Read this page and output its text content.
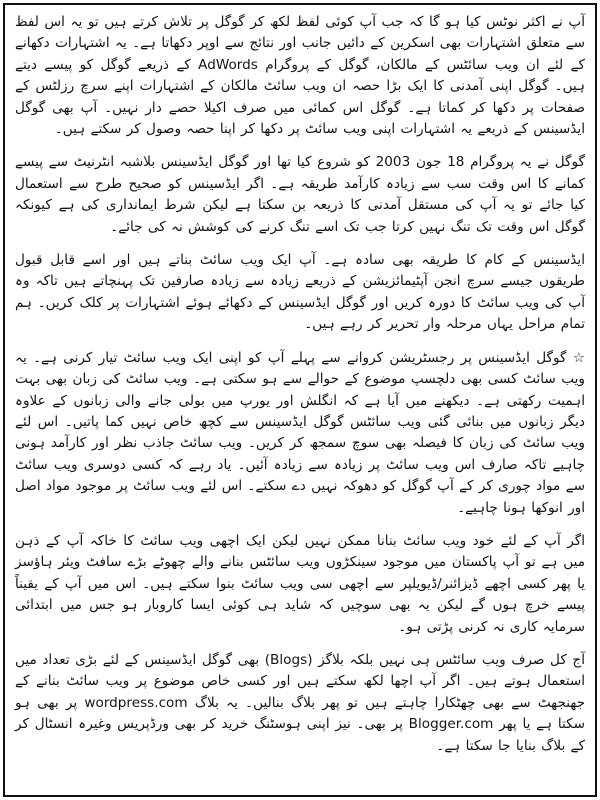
آپ نے اکثر نوٹس کیا ہو گا کہ جب آپ کوئی لفظ لکھ کر گوگل پر تلاش کرتے ہیں تو یہ اس لفظ سے متعلق اشتہارات بھی اسکرین کے دائیں جانب اور نتائج سے اوپر دکھاتا ہے۔ یہ اشتہارات دکھانے کے لئے ان ویب سائٹس کے مالکان، گوگل کے پروگرام AdWords کے ذریعے گوگل کو پیسے دیتے ہیں۔ گوگل اپنی آمدنی کا ایک بڑا حصہ ان ویب سائٹ مالکان کے اشتہارات اپنے سرچ رزلٹس کے صفحات پر دکھا کر کماتا ہے۔ گوگل اس کمائی میں صرف اکیلا حصے دار نہیں۔ آپ بھی گوگل ایڈسینس کے ذریعے یہ اشتہارات اپنی ویب سائٹ پر دکھا کر اپنا حصہ وصول کر سکتے ہیں۔

گوگل نے یہ پروگرام 18 جون 2003 کو شروع کیا تھا اور گوگل ایڈسینس بلاشبہ انٹرنیٹ سے پیسے کمانے کا اس وقت سب سے زیادہ کارآمد طریقہ ہے۔ اگر ایڈسینس کو صحیح طرح سے استعمال کیا جائے تو یہ آپ کی مستقل آمدنی کا ذریعہ بن سکتا ہے لیکن شرط ایمانداری کی ہے کیونکہ گوگل اس وقت تک تنگ نہیں کرتا جب تک اسے تنگ کرنے کی کوشش نہ کی جائے۔

ایڈسینس کے کام کا طریقہ بھی سادہ ہے۔ آپ ایک ویب سائٹ بناتے ہیں اور اسے قابل قبول طریقوں جیسے سرچ انجن آپٹیمائزیشن کے ذریعے زیادہ سے زیادہ صارفین تک پہنچاتے ہیں تاکہ وہ آپ کی ویب سائٹ کا دورہ کریں اور گوگل ایڈسینس کے دکھائے ہوئے اشتہارات پر کلک کریں۔ ہم تمام مراحل یہاں مرحلہ وار تحریر کر رہے ہیں۔

☆ گوگل ایڈسینس پر رجسٹریشن کروانے سے پہلے آپ کو اپنی ایک ویب سائٹ تیار کرنی ہے۔ یہ ویب سائٹ کسی بھی دلچسپ موضوع کے حوالے سے ہو سکتی ہے۔ ویب سائٹ کی زبان بھی بہت اہمیت رکھتی ہے۔ دیکھنے میں آیا ہے کہ انگلش اور یورپ میں بولی جانے والی زبانوں کے علاوہ دیگر زبانوں میں بنائی گئی ویب سائٹس گوگل ایڈسینس سے کچھ خاص نہیں کما پاتیں۔ اس لئے ویب سائٹ کی زبان کا فیصلہ بھی سوچ سمجھ کر کریں۔ ویب سائٹ جاذب نظر اور کارآمد ہونی چاہیے تاکہ صارف اس ویب سائٹ پر زیادہ سے زیادہ آئیں۔ یاد رہے کہ کسی دوسری ویب سائٹ سے مواد چوری کر کے آپ گوگل کو دھوکہ نہیں دے سکتے۔ اس لئے ویب سائٹ پر موجود مواد اصل اور انوکھا ہونا چاہیے۔

اگر آپ کے لئے خود ویب سائٹ بنانا ممکن نہیں لیکن ایک اچھی ویب سائٹ کا خاکہ آپ کے ذہن میں ہے تو آپ پاکستان میں موجود سینکڑوں ویب سائٹس بنانے والے چھوٹے بڑے سافٹ ویئر ہاؤسز یا پھر کسی اچھے ڈیزائنر/ڈیویلپر سے اچھی سی ویب سائٹ بنوا سکتے ہیں۔ اس میں آپ کے یقیناً پیسے خرچ ہوں گے لیکن یہ بھی سوچیں کہ شاید ہی کوئی ایسا کاروبار ہو جس میں ابتدائی سرمایہ کاری نہ کرنی پڑتی ہو۔

آج کل صرف ویب سائٹس ہی نہیں بلکہ بلاگز (Blogs) بھی گوگل ایڈسینس کے لئے بڑی تعداد میں استعمال ہوتے ہیں۔ اگر آپ اچھا لکھ سکتے ہیں اور کسی خاص موضوع پر ویب سائٹ بنانے کے جھنجھٹ سے بھی چھٹکارا چاہتے ہیں تو پھر بلاگ بنالیں۔ یہ بلاگ wordpress.com پر بھی ہو سکتا ہے یا پھر Blogger.com پر بھی۔ نیز اپنی ہوسٹنگ خرید کر بھی ورڈپریس وغیرہ انسٹال کر کے بلاگ بنایا جا سکتا ہے۔
